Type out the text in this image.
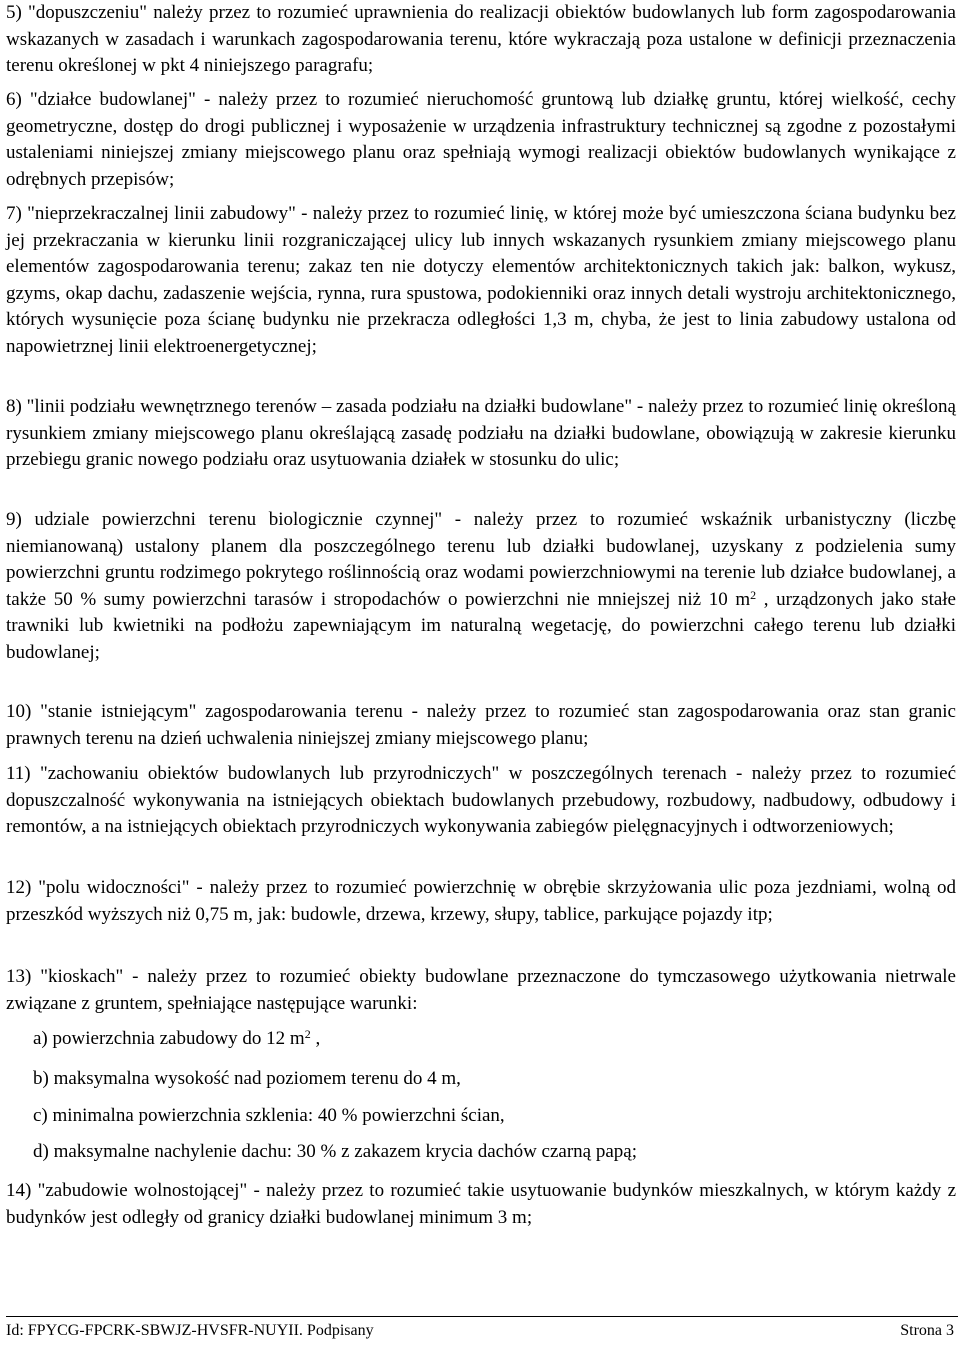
5) "dopuszczeniu" należy przez to rozumieć uprawnienia do realizacji obiektów budowlanych lub form zagospodarowania wskazanych w zasadach i warunkach zagospodarowania terenu, które wykraczają poza ustalone w definicji przeznaczenia terenu określonej w pkt 4 niniejszego paragrafu;

6) "działce budowlanej" - należy przez to rozumieć nieruchomość gruntową lub działkę gruntu, której wielkość, cechy geometryczne, dostęp do drogi publicznej i wyposażenie w urządzenia infrastruktury technicznej są zgodne z pozostałymi ustaleniami niniejszej zmiany miejscowego planu oraz spełniają wymogi realizacji obiektów budowlanych wynikające z odrębnych przepisów;

7) "nieprzekraczalnej linii zabudowy" - należy przez to rozumieć linię, w której może być umieszczona ściana budynku bez jej przekraczania w kierunku linii rozgraniczającej ulicy lub innych wskazanych rysunkiem zmiany miejscowego planu elementów zagospodarowania terenu; zakaz ten nie dotyczy elementów architektonicznych takich jak: balkon, wykusz, gzyms, okap dachu, zadaszenie wejścia, rynna, rura spustowa, podokienniki oraz innych detali wystroju architektonicznego, których wysunięcie poza ścianę budynku nie przekracza odległości 1,3 m, chyba, że jest to linia zabudowy ustalona od napowietrznej linii elektroenergetycznej;

8) "linii podziału wewnętrznego terenów – zasada podziału na działki budowlane" - należy przez to rozumieć linię określoną rysunkiem zmiany miejscowego planu określającą zasadę podziału na działki budowlane, obowiązują w zakresie kierunku przebiegu granic nowego podziału oraz usytuowania działek w stosunku do ulic;

9) udziale powierzchni terenu biologicznie czynnej" - należy przez to rozumieć wskaźnik urbanistyczny (liczbę niemianowaną) ustalony planem dla poszczególnego terenu lub działki budowlanej, uzyskany z podzielenia sumy powierzchni gruntu rodzimego pokrytego roślinnością oraz wodami powierzchniowymi na terenie lub działce budowlanej, a także 50 % sumy powierzchni tarasów i stropodachów o powierzchni nie mniejszej niż 10 $m^2$ , urządzonych jako stałe trawniki lub kwietniki na podłożu zapewniającym im naturalną wegetację, do powierzchni całego terenu lub działki budowlanej;

10) "stanie istniejącym" zagospodarowania terenu - należy przez to rozumieć stan zagospodarowania oraz stan granic prawnych terenu na dzień uchwalenia niniejszej zmiany miejscowego planu;

11) "zachowaniu obiektów budowlanych lub przyrodniczych" w poszczególnych terenach - należy przez to rozumieć dopuszczalność wykonywania na istniejących obiektach budowlanych przebudowy, rozbudowy, nadbudowy, odbudowy i remontów, a na istniejących obiektach przyrodniczych wykonywania zabiegów pielęgnacyjnych i odtworzeniowych;

12) "polu widoczności" - należy przez to rozumieć powierzchnię w obrębie skrzyżowania ulic poza jezdniami, wolną od przeszkód wyższych niż 0,75 m, jak: budowle, drzewa, krzewy, słupy, tablice, parkujące pojazdy itp;

13) "kioskach" - należy przez to rozumieć obiekty budowlane przeznaczone do tymczasowego użytkowania nietrwale związane z gruntem, spełniające następujące warunki:

a) powierzchnia zabudowy do 12 $m^2$ ,

b) maksymalna wysokość nad poziomem terenu do 4 m,

c) minimalna powierzchnia szklenia: 40 % powierzchni ścian,

d) maksymalne nachylenie dachu: 30 % z zakazem krycia dachów czarną papą;

14) "zabudowie wolnostojącej" - należy przez to rozumieć takie usytuowanie budynków mieszkalnych, w którym każdy z budynków jest odległy od granicy działki budowlanej minimum 3 m;

Id: FPYCG-FPCRK-SBWJZ-HVSFR-NUYII. Podpisany	Strona 3
